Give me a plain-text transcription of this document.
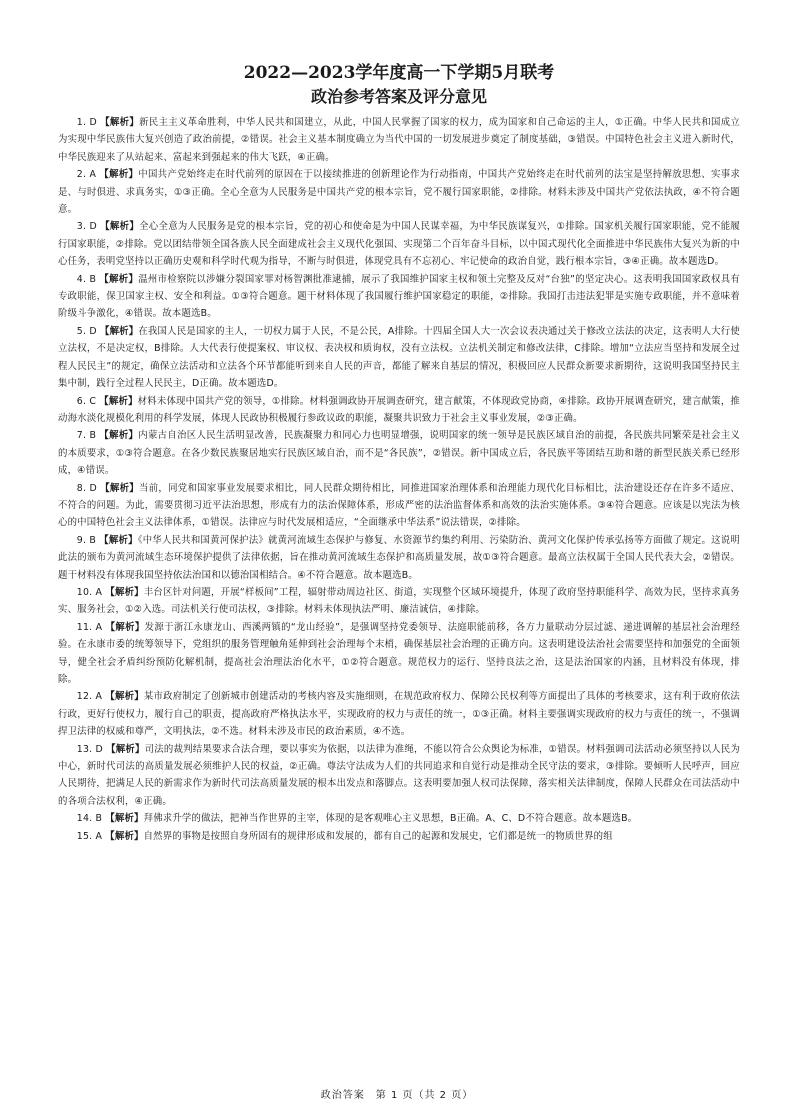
2022—2023学年度高一下学期5月联考
政治参考答案及评分意见

1. D 【解析】新民主主义革命胜利，中华人民共和国建立，从此，中国人民掌握了国家的权力，成为国家和自己命运的主人，①正确。中华人民共和国成立为实现中华民族伟大复兴创造了政治前提，②错误。社会主义基本制度确立为当代中国的一切发展进步奠定了制度基础，③错误。中国特色社会主义进入新时代，中华民族迎来了从站起来、富起来到强起来的伟大飞跃，④正确。

2. A 【解析】中国共产党始终走在时代前列的原因在于以接续推进的创新理论作为行动指南，中国共产党始终走在时代前列的法宝是坚持解放思想、实事求是、与时俱进、求真务实，①③正确。全心全意为人民服务是中国共产党的根本宗旨，党不履行国家职能，②排除。材料未涉及中国共产党依法执政，④不符合题意。

3. D 【解析】全心全意为人民服务是党的根本宗旨，党的初心和使命是为中国人民谋幸福，为中华民族谋复兴，①排除。国家机关履行国家职能，党不能履行国家职能，②排除。党以团结带领全国各族人民全面建成社会主义现代化强国、实现第二个百年奋斗目标，以中国式现代化全面推进中华民族伟大复兴为新的中心任务，表明党坚持以正确历史观和科学时代观为指导，不断与时俱进，体现党具有不忘初心、牢记使命的政治自觉，践行根本宗旨，③④正确。故本题选D。

4. B 【解析】温州市检察院以涉嫌分裂国家罪对杨智渊批准逮捕，展示了我国维护国家主权和领土完整及反对“台独”的坚定决心。这表明我国国家政权具有专政职能，保卫国家主权、安全和利益。①③符合题意。题干材料体现了我国履行维护国家稳定的职能，②排除。我国打击违法犯罪是实施专政职能，并不意味着阶级斗争激化，④错误。故本题选B。

5. D 【解析】在我国人民是国家的主人，一切权力属于人民，不是公民，A排除。十四届全国人大一次会议表决通过关于修改立法法的决定，这表明人大行使立法权，不是决定权，B排除。人大代表行使提案权、审议权、表决权和质询权，没有立法权。立法机关制定和修改法律，C排除。增加“立法应当坚持和发展全过程人民民主”的规定，确保立法活动和立法各个环节都能听到来自人民的声音，都能了解来自基层的情况，积极回应人民群众新要求新期待，这说明我国坚持民主集中制，践行全过程人民民主，D正确。故本题选D。

6. C 【解析】材料未体现中国共产党的领导，①排除。材料强调政协开展调查研究，建言献策，不体现政党协商，④排除。政协开展调查研究，建言献策，推动海水淡化规模化利用的科学发展，体现人民政协积极履行参政议政的职能，凝聚共识致力于社会主义事业发展，②③正确。

7. B 【解析】内蒙古自治区人民生活明显改善，民族凝聚力和同心力也明显增强，说明国家的统一领导是民族区域自治的前提，各民族共同繁荣是社会主义的本质要求，①③符合题意。在各少数民族聚居地实行民族区域自治，而不是“各民族”，②错误。新中国成立后，各民族平等团结互助和谐的新型民族关系已经形成，④错误。

8. D 【解析】当前，同党和国家事业发展要求相比，同人民群众期待相比，同推进国家治理体系和治理能力现代化目标相比，法治建设还存在许多不适应、不符合的问题。为此，需要贯彻习近平法治思想，形成有力的法治保障体系，形成严密的法治监督体系和高效的法治实施体系。③④符合题意。应该是以宪法为核心的中国特色社会主义法律体系，①错误。法律应与时代发展相适应，“全面继承中华法系”说法错误，②排除。

9. B 【解析】《中华人民共和国黄河保护法》就黄河流域生态保护与修复、水资源节约集约利用、污染防治、黄河文化保护传承弘扬等方面做了规定。这说明此法的颁布为黄河流域生态环境保护提供了法律依据，旨在推动黄河流域生态保护和高质量发展，故①③符合题意。最高立法权属于全国人民代表大会，②错误。题干材料没有体现我国坚持依法治国和以德治国相结合。④不符合题意。故本题选B。

10. A 【解析】丰台区针对问题，开展“样板间”工程，辐射带动周边社区、街道，实现整个区域环境提升，体现了政府坚持职能科学、高效为民，坚持求真务实、服务社会，①②入选。司法机关行使司法权，③排除。材料未体现执法严明、廉洁诚信，④排除。

11. A 【解析】发源于浙江永康龙山、西溪两镇的“龙山经验”，是强调坚持党委领导、法庭职能前移，各方力量联动分层过滤、递进调解的基层社会治理经验。在永康市委的统筹领导下，党组织的服务管理触角延伸到社会治理每个末梢，确保基层社会治理的正确方向。这表明建设法治社会需要坚持和加强党的全面领导，健全社会矛盾纠纷预防化解机制，提高社会治理法治化水平，①②符合题意。规范权力的运行、坚持良法之治，这是法治国家的内涵，且材料没有体现，排除。

12. A 【解析】某市政府制定了创新城市创建活动的考核内容及实施细则，在规范政府权力、保障公民权利等方面提出了具体的考核要求，这有利于政府依法行政，更好行使权力，履行自己的职责，提高政府严格执法水平，实现政府的权力与责任的统一，①③正确。材料主要强调实现政府的权力与责任的统一，不强调捍卫法律的权威和尊严，文明执法，②不选。材料未涉及市民的政治素质，④不选。

13. D 【解析】司法的裁判结果要求合法合理，要以事实为依据，以法律为准绳，不能以符合公众舆论为标准，①错误。材料强调司法活动必须坚持以人民为中心，新时代司法的高质量发展必须维护人民的权益，②正确。尊法守法成为人们的共同追求和自觉行动是推动全民守法的要求，③排除。要倾听人民呼声，回应人民期待，把满足人民的新需求作为新时代司法高质量发展的根本出发点和落脚点。这表明要加强人权司法保障，落实相关法律制度，保障人民群众在司法活动中的各项合法权利，④正确。

14. B 【解析】拜佛求升学的做法，把神当作世界的主宰，体现的是客观唯心主义思想，B正确。A、C、D不符合题意。故本题选B。

15. A 【解析】自然界的事物是按照自身所固有的规律形成和发展的，都有自己的起源和发展史，它们都是统一的物质世界的组

政治答案　第 1 页（共 2 页）
